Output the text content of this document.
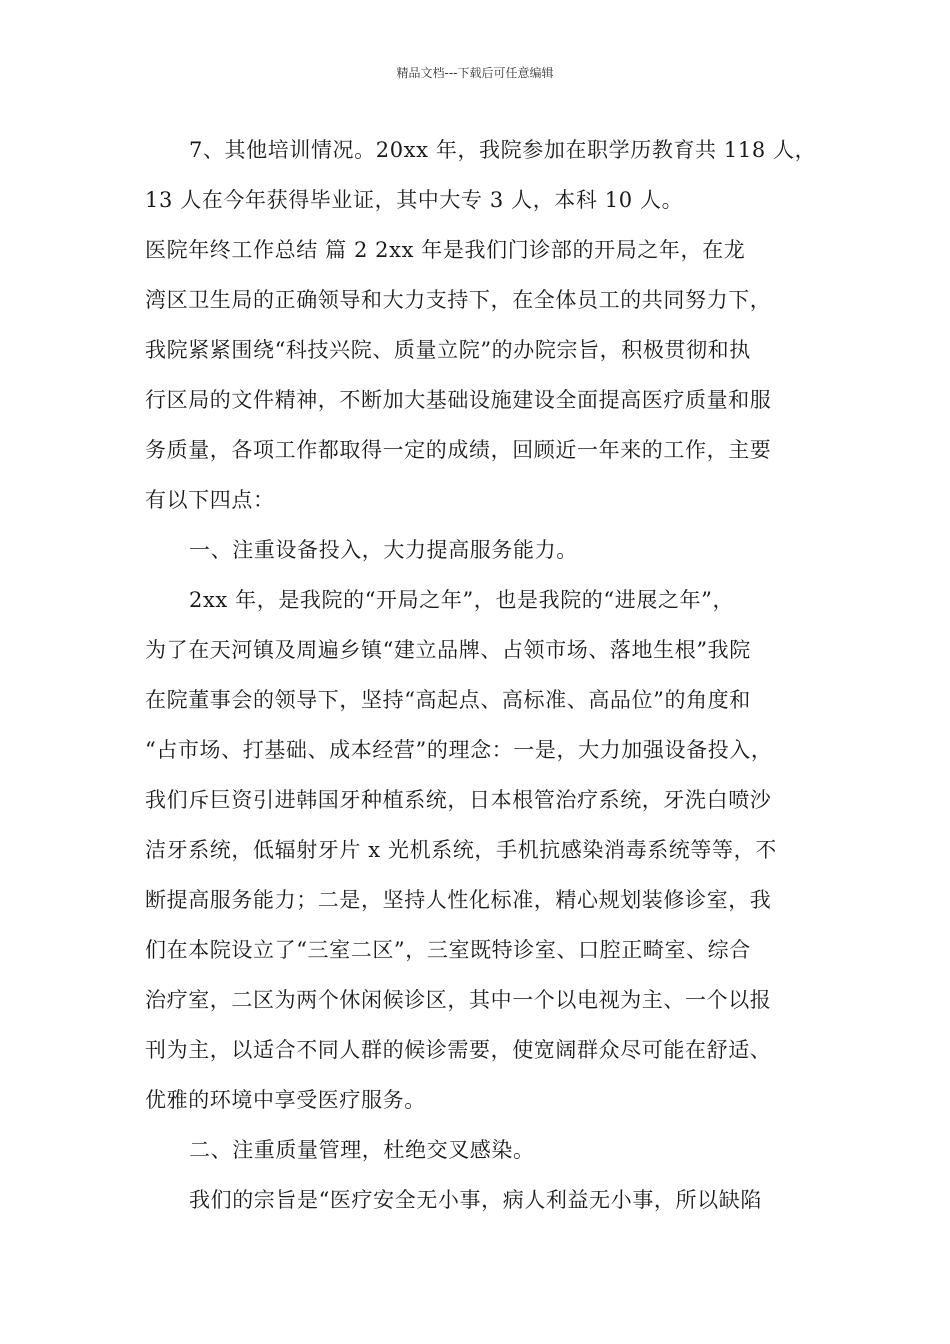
精品文档---下载后可任意编辑
7、其他培训情况。20xx 年，我院参加在职学历教育共 118 人，
13 人在今年获得毕业证，其中大专 3 人，本科 10 人。
医院年终工作总结 篇 2 2xx 年是我们门诊部的开局之年，在龙
湾区卫生局的正确领导和大力支持下，在全体员工的共同努力下，
我院紧紧围绕“科技兴院、质量立院”的办院宗旨，积极贯彻和执
行区局的文件精神，不断加大基础设施建设全面提高医疗质量和服
务质量，各项工作都取得一定的成绩，回顾近一年来的工作，主要
有以下四点：
一、注重设备投入，大力提高服务能力。
2xx 年，是我院的“开局之年”，也是我院的“进展之年”，
为了在天河镇及周遍乡镇“建立品牌、占领市场、落地生根”我院
在院董事会的领导下，坚持“高起点、高标准、高品位”的角度和
“占市场、打基础、成本经营”的理念：一是，大力加强设备投入，
我们斥巨资引进韩国牙种植系统，日本根管治疗系统，牙洗白喷沙
洁牙系统，低辐射牙片 x 光机系统，手机抗感染消毒系统等等，不
断提高服务能力；二是，坚持人性化标准，精心规划装修诊室，我
们在本院设立了“三室二区”，三室既特诊室、口腔正畸室、综合
治疗室，二区为两个休闲候诊区，其中一个以电视为主、一个以报
刊为主，以适合不同人群的候诊需要，使宽阔群众尽可能在舒适、
优雅的环境中享受医疗服务。
二、注重质量管理，杜绝交叉感染。
我们的宗旨是“医疗安全无小事，病人利益无小事，所以缺陷
